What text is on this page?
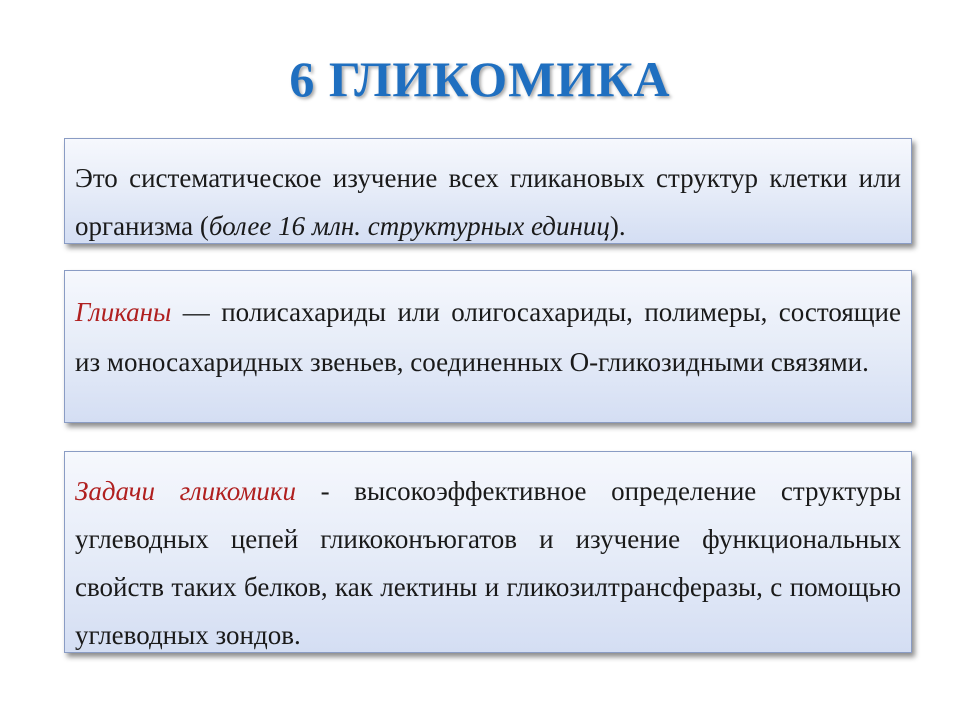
6 ГЛИКОМИКА
Это систематическое изучение всех гликановых структур клетки или организма (более 16 млн. структурных единиц).
Гликаны — полисахариды или олигосахариды, полимеры, состоящие из моносахаридных звеньев, соединенных О-гликозидными связями.
Задачи гликомики - высокоэффективное определение структуры углеводных цепей гликоконъюгатов и изучение функциональных свойств таких белков, как лектины и гликозилтрансферазы, с помощью углеводных зондов.
